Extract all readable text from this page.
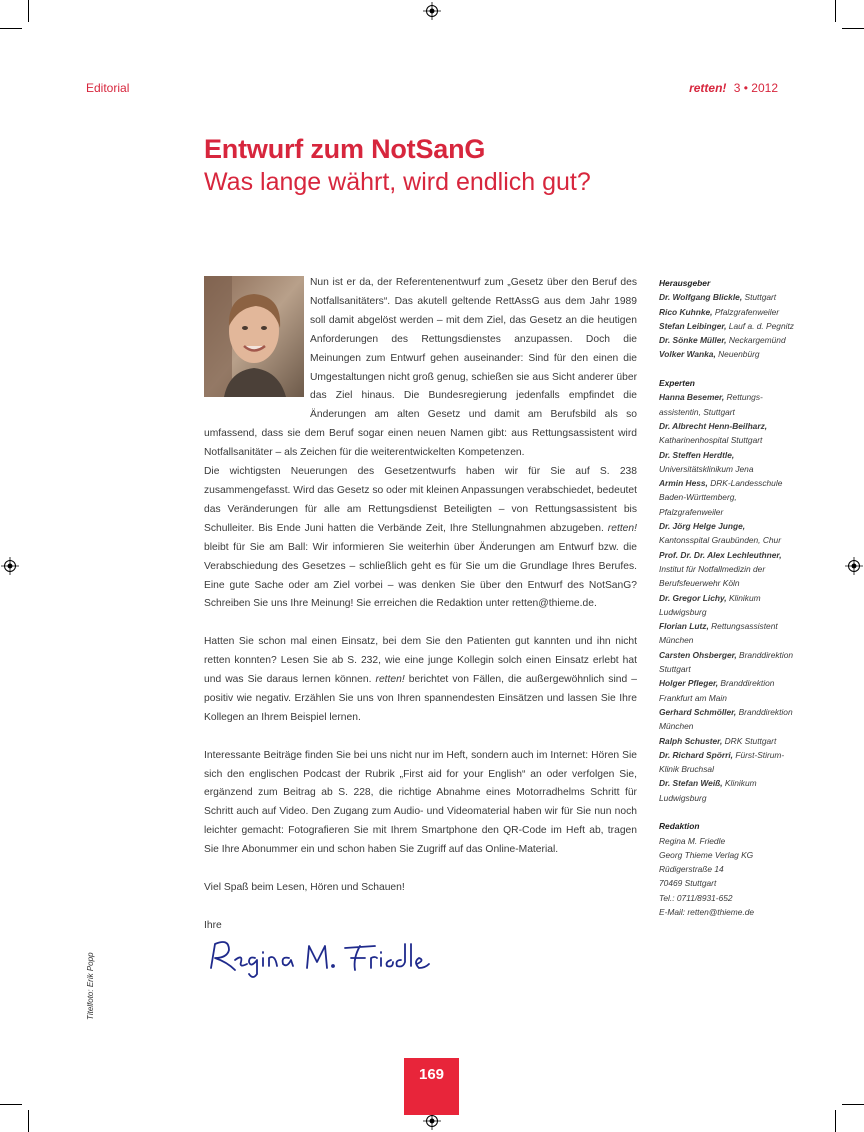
Editorial	retten! 3 • 2012
Entwurf zum NotSanG
Was lange währt, wird endlich gut?

Nun ist er da, der Referentenentwurf zum „Gesetz über den Beruf des Notfallsanitäters“. Das akutell geltende RettAssG aus dem Jahr 1989 soll damit abgelöst werden – mit dem Ziel, das Gesetz an die heutigen Anforderungen des Rettungsdienstes anzupassen. Doch die Meinungen zum Entwurf gehen auseinander: Sind für den einen die Umgestaltungen nicht groß genug, schießen sie aus Sicht anderer über das Ziel hinaus. Die Bundesregierung jedenfalls empfindet die Änderungen am alten Gesetz und damit am Berufsbild als so umfassend, dass sie dem Beruf sogar einen neuen Namen gibt: aus Rettungsassistent wird Notfallsanitäter – als Zeichen für die weiterentwickelten Kompetenzen.

Die wichtigsten Neuerungen des Gesetzentwurfs haben wir für Sie auf S. 238 zusammengefasst. Wird das Gesetz so oder mit kleinen Anpassungen verabschiedet, bedeutet das Veränderungen für alle am Rettungsdienst Beteiligten – von Rettungsassistent bis Schulleiter. Bis Ende Juni hatten die Verbände Zeit, Ihre Stellungnahmen abzugeben. retten! bleibt für Sie am Ball: Wir informieren Sie weiterhin über Änderungen am Entwurf bzw. die Verabschiedung des Gesetzes – schließlich geht es für Sie um die Grundlage Ihres Berufes. Eine gute Sache oder am Ziel vorbei – was denken Sie über den Entwurf des NotSanG? Schreiben Sie uns Ihre Meinung! Sie erreichen die Redaktion unter retten@thieme.de.

Hatten Sie schon mal einen Einsatz, bei dem Sie den Patienten gut kannten und ihn nicht retten konnten? Lesen Sie ab S. 232, wie eine junge Kollegin solch einen Einsatz erlebt hat und was Sie daraus lernen können. retten! berichtet von Fällen, die außergewöhnlich sind – positiv wie negativ. Erzählen Sie uns von Ihren spannendesten Einsätzen und lassen Sie Ihre Kollegen an Ihrem Beispiel lernen.

Interessante Beiträge finden Sie bei uns nicht nur im Heft, sondern auch im Internet: Hören Sie sich den englischen Podcast der Rubrik „First aid for your English“ an oder verfolgen Sie, ergänzend zum Beitrag ab S. 228, die richtige Abnahme eines Motorradhelms Schritt für Schritt auch auf Video. Den Zugang zum Audio- und Videomaterial haben wir für Sie nun noch leichter gemacht: Fotografieren Sie mit Ihrem Smartphone den QR-Code im Heft ab, tragen Sie Ihre Abonummer ein und schon haben Sie Zugriff auf das Online-Material.

Viel Spaß beim Lesen, Hören und Schauen!

Ihre

Herausgeber
Dr. Wolfgang Blickle, Stuttgart
Rico Kuhnke, Pfalzgrafenweiler
Stefan Leibinger, Lauf a. d. Pegnitz
Dr. Sönke Müller, Neckargemünd
Volker Wanka, Neuenbürg
Experten
Hanna Besemer, Rettungs-assistentin, Stuttgart
Dr. Albrecht Henn-Beilharz, Katharinenhospital Stuttgart
Dr. Steffen Herdtle, Universitätsklinikum Jena
Armin Hess, DRK-Landesschule Baden-Württemberg, Pfalzgrafenweiler
Dr. Jörg Helge Junge, Kantonsspital Graubünden, Chur
Prof. Dr. Dr. Alex Lechleuthner, Institut für Notfallmedizin der Berufsfeuerwehr Köln
Dr. Gregor Lichy, Klinikum Ludwigsburg
Florian Lutz, Rettungsassistent München
Carsten Ohsberger, Branddirektion Stuttgart
Holger Pfleger, Branddirektion Frankfurt am Main
Gerhard Schmöller, Branddirektion München
Ralph Schuster, DRK Stuttgart
Dr. Richard Spörri, Fürst-Stirum-Klinik Bruchsal
Dr. Stefan Weiß, Klinikum Ludwigsburg
Redaktion
Regina M. Friedle
Georg Thieme Verlag KG
Rüdigerstraße 14
70469 Stuttgart
Tel.: 0711/8931-652
E-Mail: retten@thieme.de
Titelfoto: Erik Popp
169
